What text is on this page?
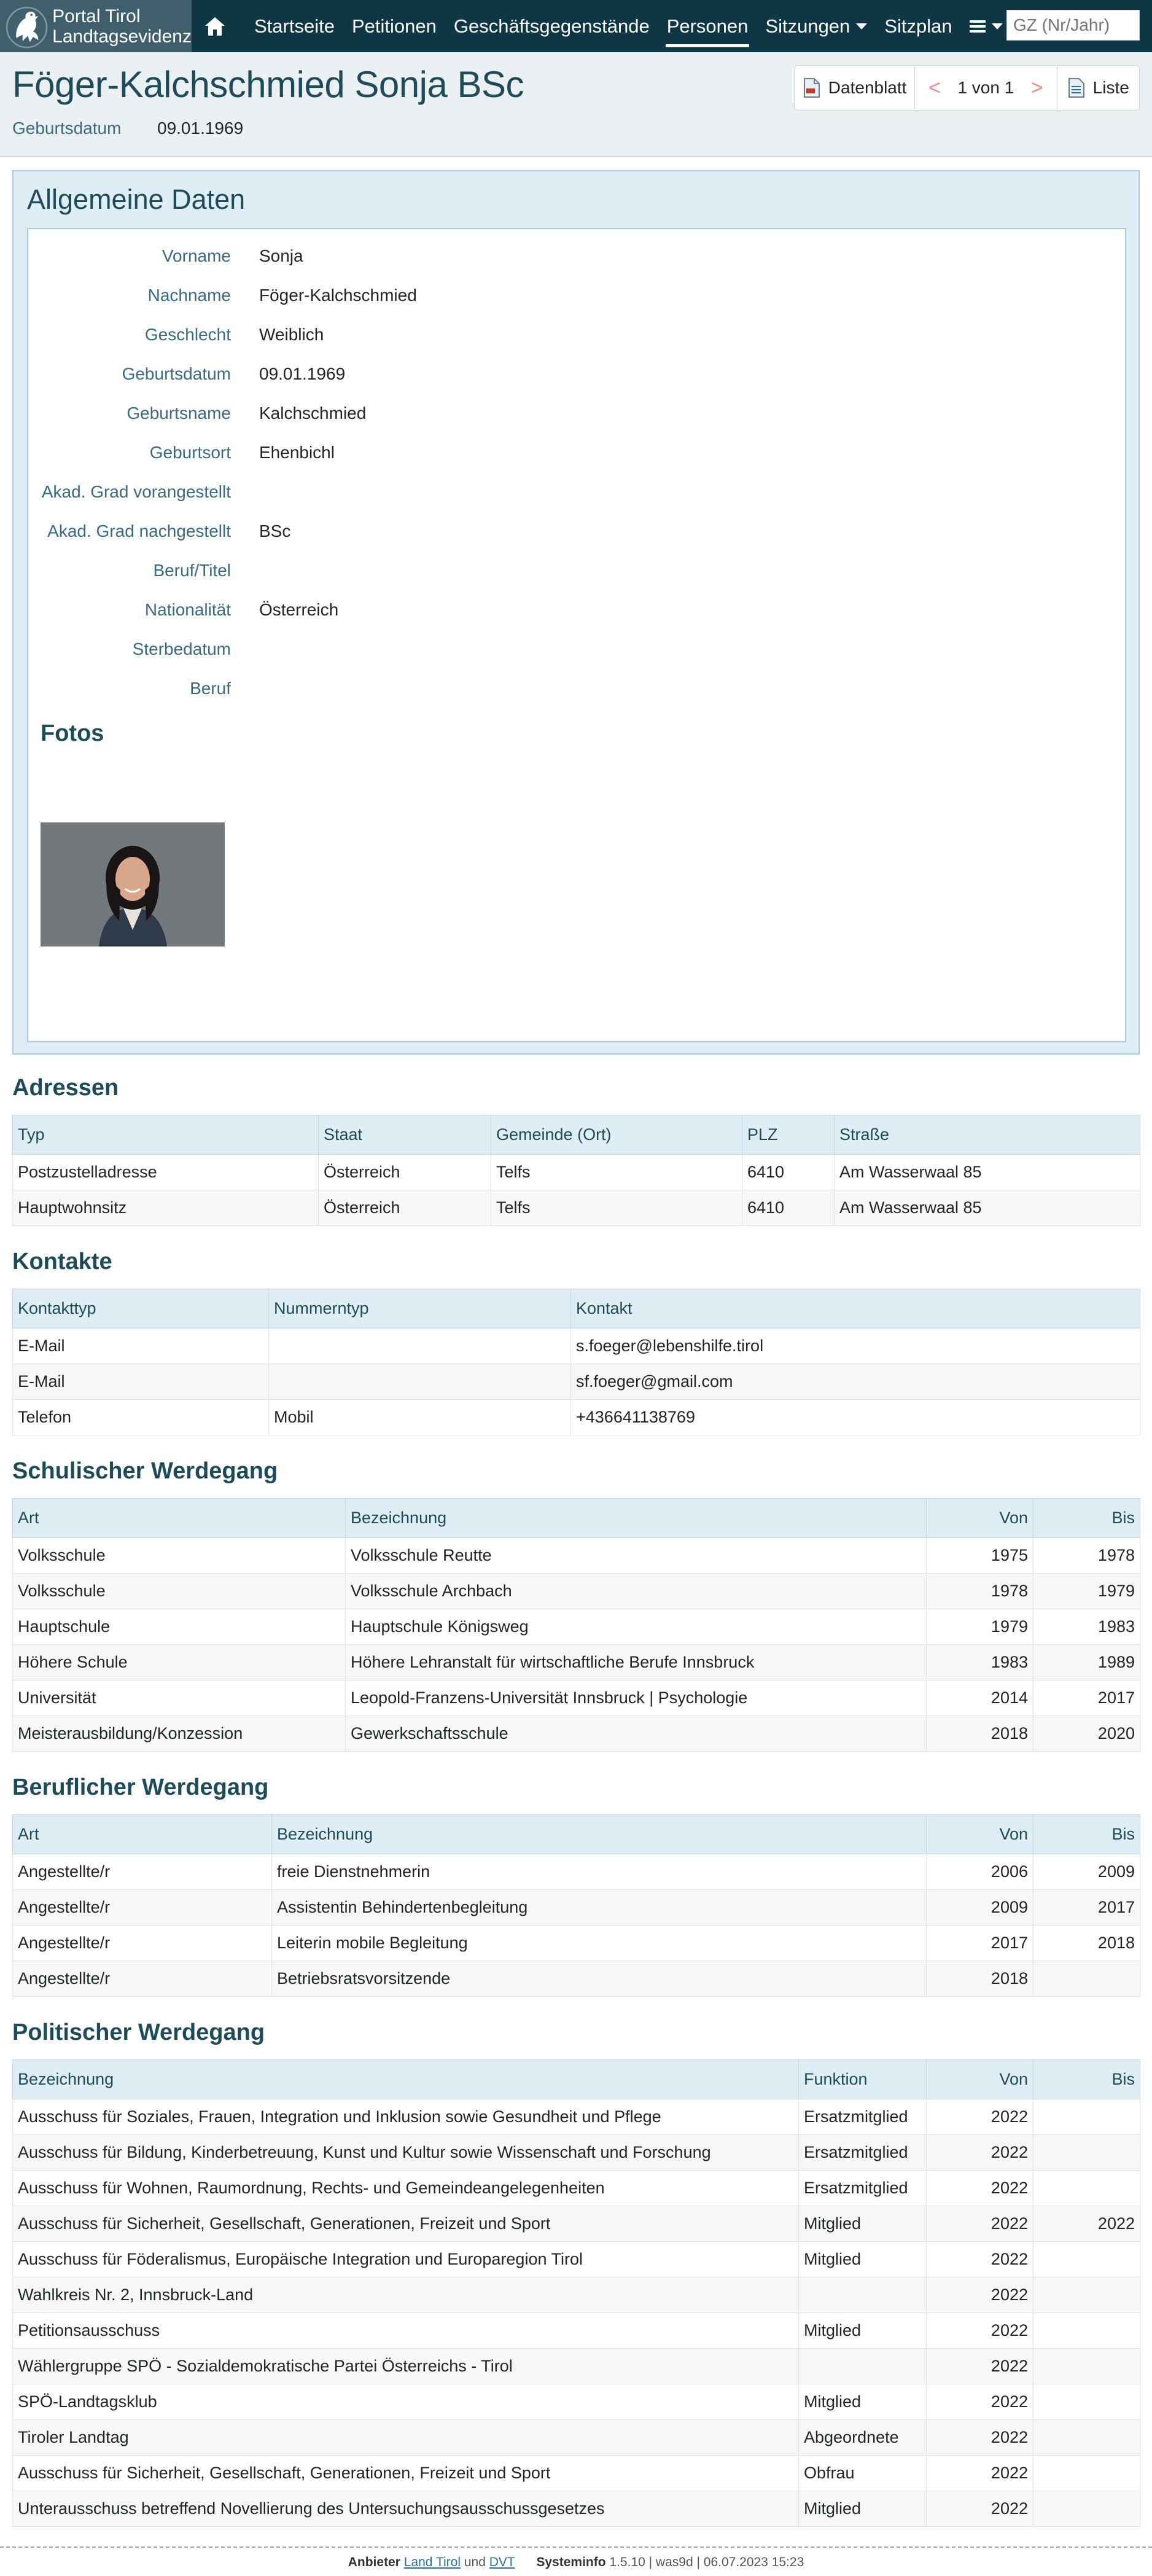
Portal Tirol
Landtagsevidenz	Startseite Petitionen Geschäftsgegenstände Personen Sitzungen	Sitzplan
GZ (Nr/Jahr)
Föger-Kalchschmied Sonja BSc
Geburtsdatum 09.01.1969
Datenblatt < 1 von 1 >	Liste
Allgemeine Daten
Vorname Sonja
Nachname Föger-Kalchschmied
Geschlecht Weiblich
Geburtsdatum 09.01.1969
Geburtsname Kalchschmied
Geburtsort Ehenbichl
Akad. Grad vorangestellt
Akad. Grad nachgestellt BSc
Beruf/Titel
Nationalität Österreich
Sterbedatum
Beruf
Fotos
Adressen
Typ	Staat	Gemeinde (Ort)	PLZ	Straße
Postzustelladresse	Österreich	Telfs	6410	Am Wasserwaal 85
Hauptwohnsitz	Österreich	Telfs	6410	Am Wasserwaal 85
Kontakte
Kontakttyp	Nummerntyp	Kontakt
E-Mail		s.foeger@lebenshilfe.tirol
E-Mail		sf.foeger@gmail.com
Telefon	Mobil	+436641138769
Schulischer Werdegang
Art	Bezeichnung	Von	Bis
Volksschule	Volksschule Reutte	1975	1978
Volksschule	Volksschule Archbach	1978	1979
Hauptschule	Hauptschule Königsweg	1979	1983
Höhere Schule	Höhere Lehranstalt für wirtschaftliche Berufe Innsbruck	1983	1989
Universität	Leopold-Franzens-Universität Innsbruck | Psychologie	2014	2017
Meisterausbildung/Konzession	Gewerkschaftsschule	2018	2020
Beruflicher Werdegang
Art	Bezeichnung	Von	Bis
Angestellte/r	freie Dienstnehmerin	2006	2009
Angestellte/r	Assistentin Behindertenbegleitung	2009	2017
Angestellte/r	Leiterin mobile Begleitung	2017	2018
Angestellte/r	Betriebsratsvorsitzende	2018	
Politischer Werdegang
Bezeichnung	Funktion	Von	Bis
Ausschuss für Soziales, Frauen, Integration und Inklusion sowie Gesundheit und Pflege	Ersatzmitglied	2022	
Ausschuss für Bildung, Kinderbetreuung, Kunst und Kultur sowie Wissenschaft und Forschung	Ersatzmitglied	2022	
Ausschuss für Wohnen, Raumordnung, Rechts- und Gemeindeangelegenheiten	Ersatzmitglied	2022	
Ausschuss für Sicherheit, Gesellschaft, Generationen, Freizeit und Sport	Mitglied	2022	2022
Ausschuss für Föderalismus, Europäische Integration und Europaregion Tirol	Mitglied	2022	
Wahlkreis Nr. 2, Innsbruck-Land		2022	
Petitionsausschuss	Mitglied	2022	
Wählergruppe SPÖ - Sozialdemokratische Partei Österreichs - Tirol		2022	
SPÖ-Landtagsklub	Mitglied	2022	
Tiroler Landtag	Abgeordnete	2022	
Ausschuss für Sicherheit, Gesellschaft, Generationen, Freizeit und Sport	Obfrau	2022	
Unterausschuss betreffend Novellierung des Untersuchungsausschussgesetzes	Mitglied	2022	
Anbieter Land Tirol und DVT Systeminfo 1.5.10 | was9d | 06.07.2023 15:23
